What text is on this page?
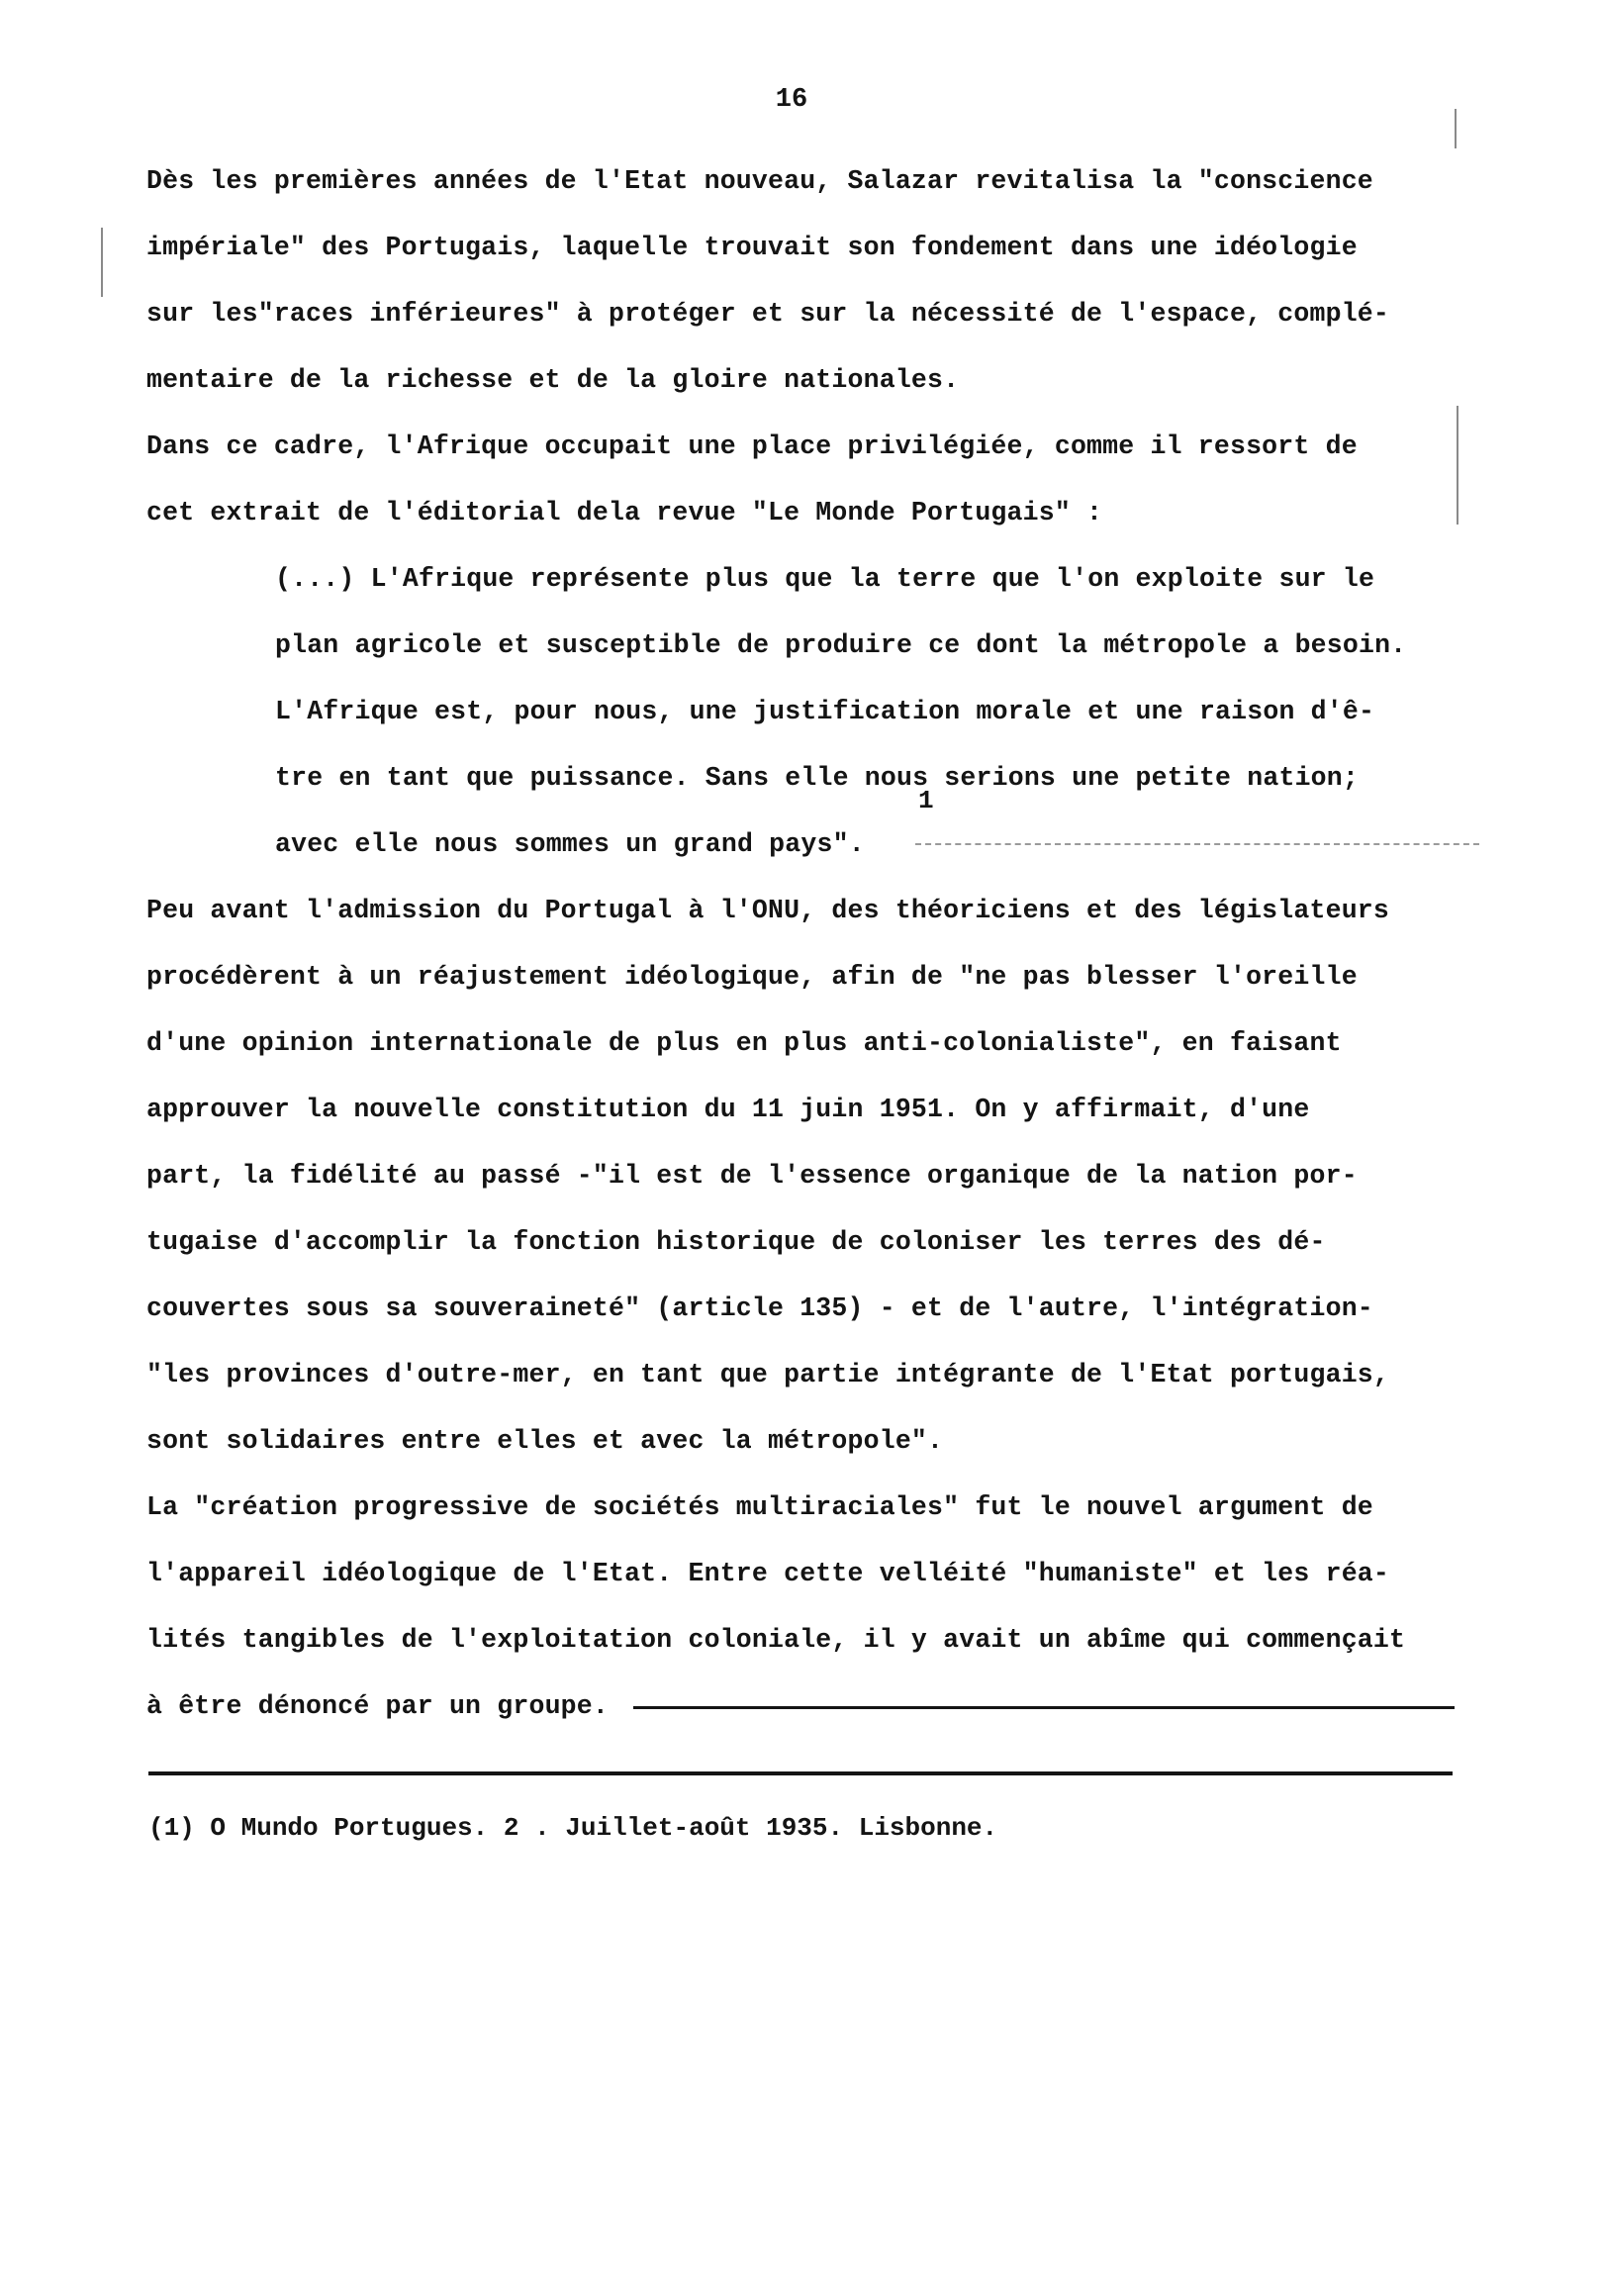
16
Dès les premières années de l'Etat nouveau, Salazar revitalisa la "conscience
impériale" des Portugais, laquelle trouvait son fondement dans une idéologie
sur les"races inférieures" à protéger et sur la nécessité de l'espace, complé-
mentaire de la richesse et de la gloire nationales.
Dans ce cadre, l'Afrique occupait une place privilégiée, comme il ressort de
cet extrait de l'éditorial dela revue "Le Monde Portugais" :
(...) L'Afrique représente plus que la terre que l'on exploite sur le
plan agricole et susceptible de produire ce dont la métropole a besoin.
L'Afrique est, pour nous, une justification morale et une raison d'ê-
tre en tant que puissance. Sans elle nous serions une petite nation;
avec elle nous sommes un grand pays".
Peu avant l'admission du Portugal à l'ONU, des théoriciens et des législateurs
procédèrent à un réajustement idéologique, afin de "ne pas blesser l'oreille
d'une opinion internationale de plus en plus anti-colonialiste", en faisant
approuver la nouvelle constitution du 11 juin 1951. On y affirmait, d'une
part, la fidélité au passé -"il est de l'essence organique de la nation por-
tugaise d'accomplir la fonction historique de coloniser les terres des dé-
couvertes sous sa souveraineté" (article 135) - et de l'autre, l'intégration-
"les provinces d'outre-mer, en tant que partie intégrante de l'Etat portugais,
sont solidaires entre elles et avec la métropole".
La "création progressive de sociétés multiraciales" fut le nouvel argument de
l'appareil idéologique de l'Etat. Entre cette velléité "humaniste" et les réa-
lités tangibles de l'exploitation coloniale, il y avait un abîme qui commençait
à être dénoncé par un groupe.
1
(1) O Mundo Portugues. 2 . Juillet-août 1935. Lisbonne.
